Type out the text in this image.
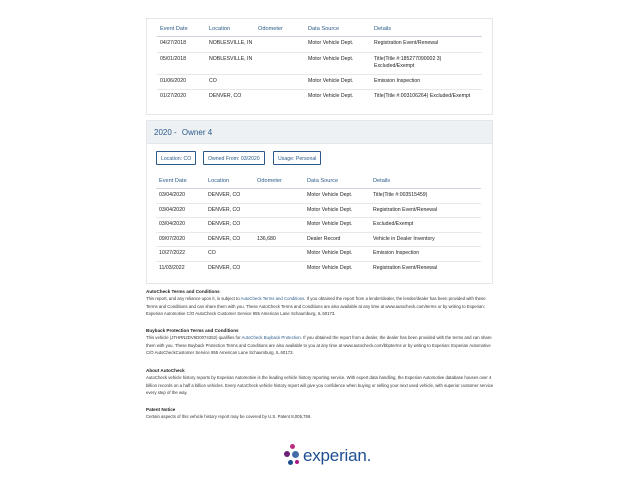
Event Date	Location	Odometer	Data Source	Details
04/27/2018	NOBLESVILLE, IN		Motor Vehicle Dept.	Registration Event/Renewal
05/01/2018	NOBLESVILLE, IN		Motor Vehicle Dept.	Title(Title #:185277090002 3) Excluded/Exempt
01/06/2020	CO		Motor Vehicle Dept.	Emission Inspection
01/27/2020	DENVER, CO		Motor Vehicle Dept.	Title(Title #:003106264) Excluded/Exempt
2020 - Owner 4
Location: CO	Owned From: 03/2020	Usage: Personal
Event Date	Location	Odometer	Data Source	Details
03/04/2020	DENVER, CO		Motor Vehicle Dept.	Title(Title #:003515459)
03/04/2020	DENVER, CO		Motor Vehicle Dept.	Registration Event/Renewal
03/04/2020	DENVER, CO		Motor Vehicle Dept.	Excluded/Exempt
09/07/2020	DENVER, CO	136,680	Dealer Record	Vehicle in Dealer Inventory
10/27/2022	CO		Motor Vehicle Dept.	Emission Inspection
11/03/2022	DENVER, CO		Motor Vehicle Dept.	Registration Event/Renewal
AutoCheck Terms and Conditions

This report, and any reliance upon it, is subject to AutoCheck Terms and Conditions. If you obtained the report from a lender/dealer, the lender/dealer has been provided with these Terms and Conditions and can share them with you. These AutoCheck Terms and Conditions are also available at any time at www.autocheck.com/terms or by writing to Experian: Experian Automotive C/O AutoCheck Customer Service 955 American Lane Schaumburg, IL 60173.

Buyback Protection Terms and Conditions

This vehicle (JTHRN2DV6D0074352) qualifies for AutoCheck Buyback Protection. If you obtained the report from a dealer, the dealer has been provided with the terms and can share them with you. These Buyback Protection Terms and Conditions are also available to you at any time at www.autocheck.com/bbpterms or by writing to Experian: Experian Automotive C/O AutoCheckCustomer Service 955 American Lane Schaumburg, IL 60173.

About AutoCheck

AutoCheck vehicle history reports by Experian Automotive is the leading vehicle history reporting service. With expert data handling, the Experian Automotive database houses over 4 billion records on a half a billion vehicles. Every AutoCheck vehicle history report will give you confidence when buying or selling your next used vehicle, with superior customer service every step of the way.

Patent Notice

Certain aspects of this vehicle history report may be covered by U.S. Patent 8,005,759.

experian.
